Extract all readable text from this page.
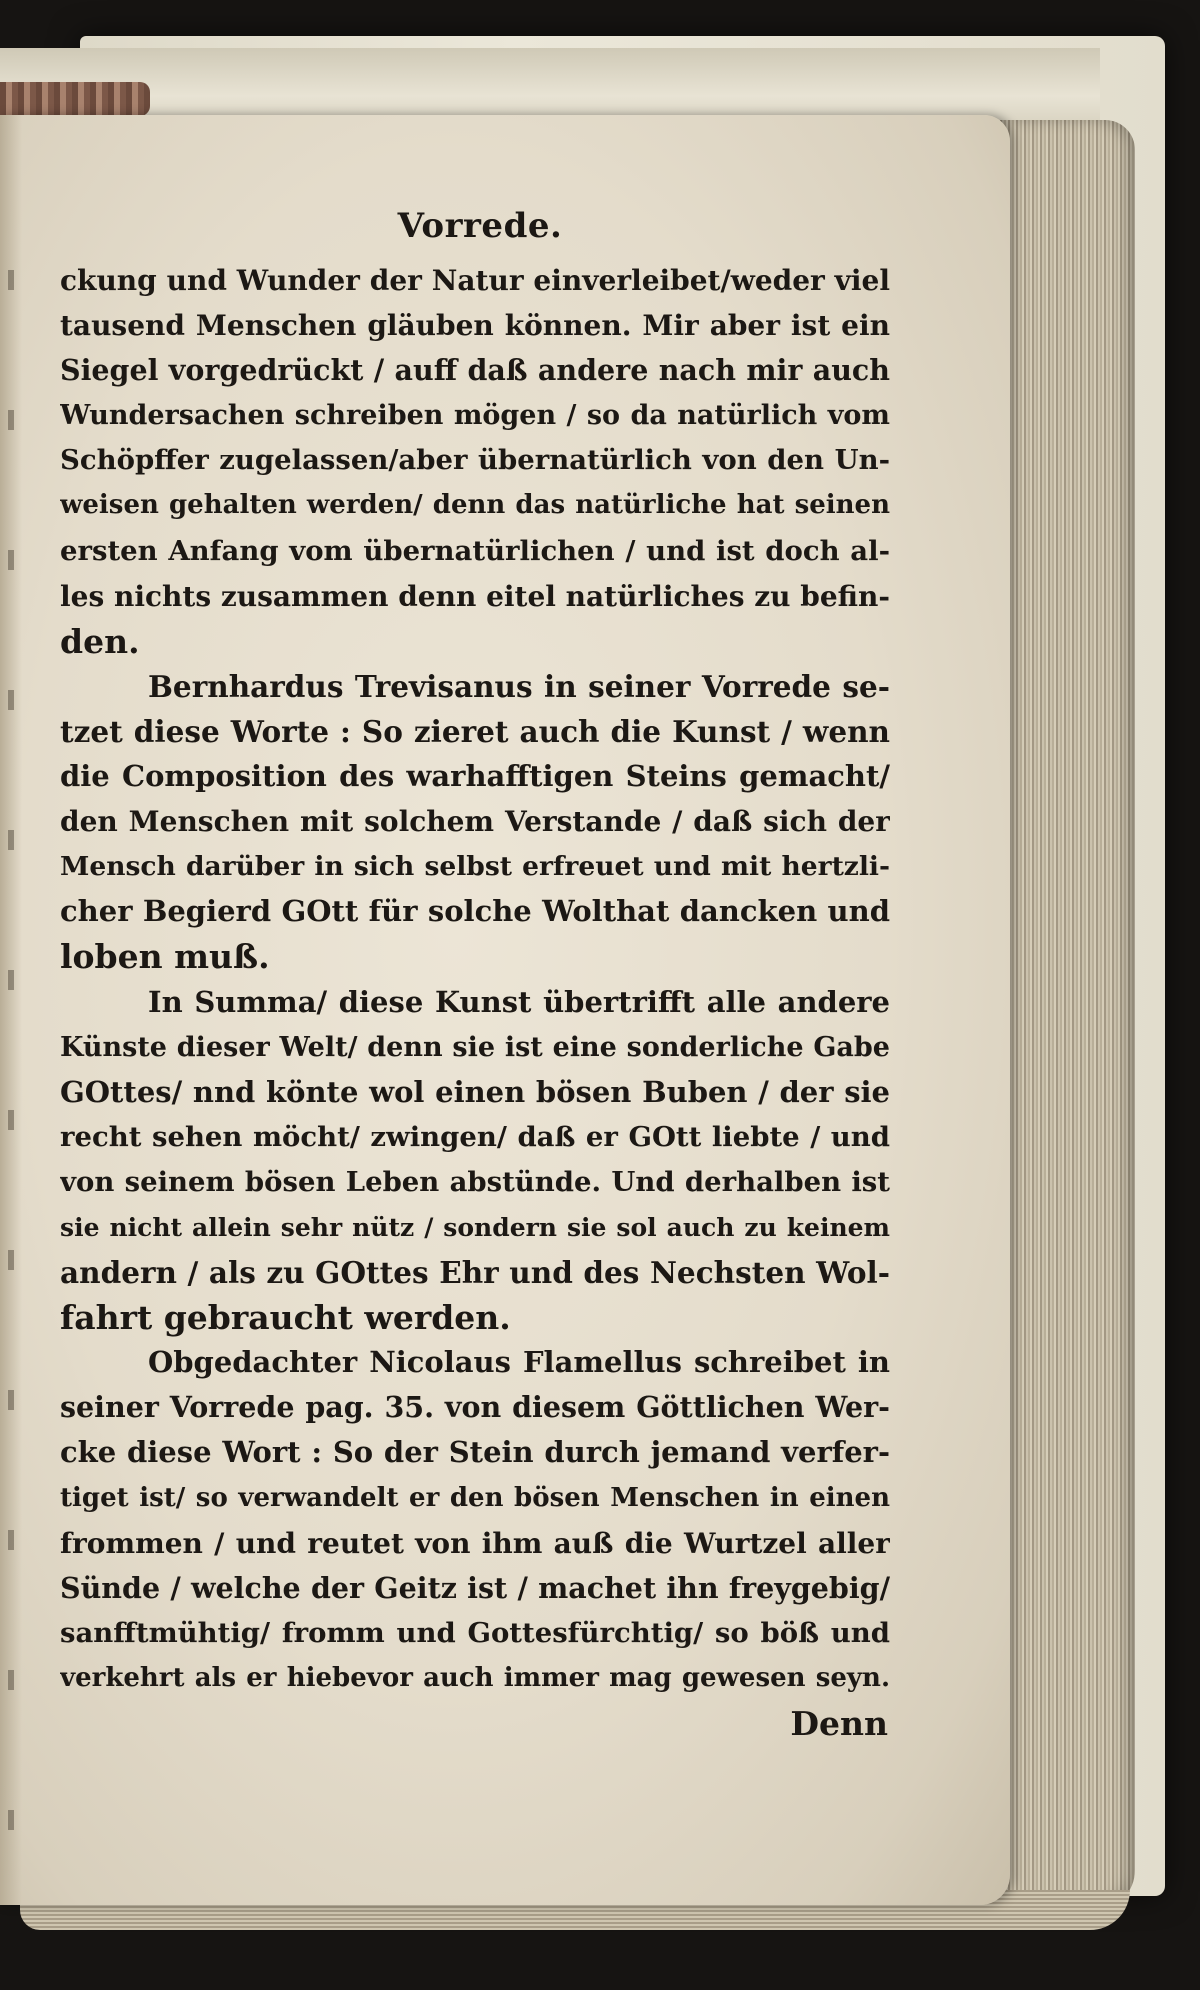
Vorrede.
ckung und Wunder der Natur einverleibet/weder viel
tausend Menschen gläuben können. Mir aber ist ein
Siegel vorgedrückt / auff daß andere nach mir auch
Wundersachen schreiben mögen / so da natürlich vom
Schöpffer zugelassen/aber übernatürlich von den Un-
weisen gehalten werden/ denn das natürliche hat seinen
ersten Anfang vom übernatürlichen / und ist doch al-
les nichts zusammen denn eitel natürliches zu befin-
den.
Bernhardus Trevisanus in seiner Vorrede se-
tzet diese Worte : So zieret auch die Kunst / wenn
die Composition des warhafftigen Steins gemacht/
den Menschen mit solchem Verstande / daß sich der
Mensch darüber in sich selbst erfreuet und mit hertzli-
cher Begierd GOtt für solche Wolthat dancken und
loben muß.
In Summa/ diese Kunst übertrifft alle andere
Künste dieser Welt/ denn sie ist eine sonderliche Gabe
GOttes/ nnd könte wol einen bösen Buben / der sie
recht sehen möcht/ zwingen/ daß er GOtt liebte / und
von seinem bösen Leben abstünde. Und derhalben ist
sie nicht allein sehr nütz / sondern sie sol auch zu keinem
andern / als zu GOttes Ehr und des Nechsten Wol-
fahrt gebraucht werden.
Obgedachter Nicolaus Flamellus schreibet in
seiner Vorrede pag. 35. von diesem Göttlichen Wer-
cke diese Wort : So der Stein durch jemand verfer-
tiget ist/ so verwandelt er den bösen Menschen in einen
frommen / und reutet von ihm auß die Wurtzel aller
Sünde / welche der Geitz ist / machet ihn freygebig/
sanfftmühtig/ fromm und Gottesfürchtig/ so böß und
verkehrt als er hiebevor auch immer mag gewesen seyn.
Denn
